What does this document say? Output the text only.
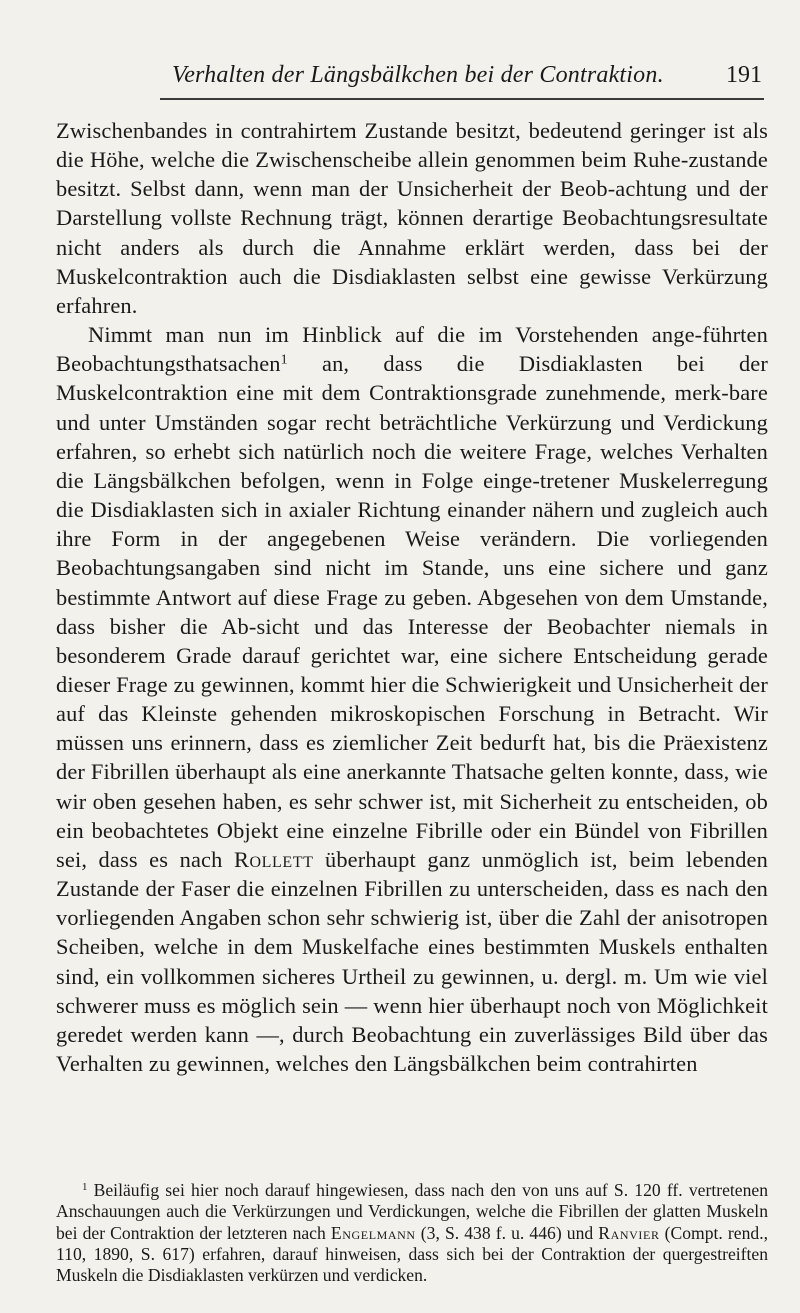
Verhalten der Längsbälkchen bei der Contraktion.	191

Zwischenbandes in contrahirtem Zustande besitzt, bedeutend geringer ist als die Höhe, welche die Zwischenscheibe allein genommen beim Ruhe-zustande besitzt. Selbst dann, wenn man der Unsicherheit der Beob-achtung und der Darstellung vollste Rechnung trägt, können derartige Beobachtungsresultate nicht anders als durch die Annahme erklärt werden, dass bei der Muskelcontraktion auch die Disdiaklasten selbst eine gewisse Verkürzung erfahren.

Nimmt man nun im Hinblick auf die im Vorstehenden ange-führten Beobachtungsthatsachen$^1$ an, dass die Disdiaklasten bei der Muskelcontraktion eine mit dem Contraktionsgrade zunehmende, merk-bare und unter Umständen sogar recht beträchtliche Verkürzung und Verdickung erfahren, so erhebt sich natürlich noch die weitere Frage, welches Verhalten die Längsbälkchen befolgen, wenn in Folge einge-tretener Muskelerregung die Disdiaklasten sich in axialer Richtung einander nähern und zugleich auch ihre Form in der angegebenen Weise verändern. Die vorliegenden Beobachtungsangaben sind nicht im Stande, uns eine sichere und ganz bestimmte Antwort auf diese Frage zu geben. Abgesehen von dem Umstande, dass bisher die Ab-sicht und das Interesse der Beobachter niemals in besonderem Grade darauf gerichtet war, eine sichere Entscheidung gerade dieser Frage zu gewinnen, kommt hier die Schwierigkeit und Unsicherheit der auf das Kleinste gehenden mikroskopischen Forschung in Betracht. Wir müssen uns erinnern, dass es ziemlicher Zeit bedurft hat, bis die Präexistenz der Fibrillen überhaupt als eine anerkannte Thatsache gelten konnte, dass, wie wir oben gesehen haben, es sehr schwer ist, mit Sicherheit zu entscheiden, ob ein beobachtetes Objekt eine einzelne Fibrille oder ein Bündel von Fibrillen sei, dass es nach Rollett überhaupt ganz unmöglich ist, beim lebenden Zustande der Faser die einzelnen Fibrillen zu unterscheiden, dass es nach den vorliegenden Angaben schon sehr schwierig ist, über die Zahl der anisotropen Scheiben, welche in dem Muskelfache eines bestimmten Muskels enthalten sind, ein vollkommen sicheres Urtheil zu gewinnen, u. dergl. m. Um wie viel schwerer muss es möglich sein — wenn hier überhaupt noch von Möglichkeit geredet werden kann —, durch Beobachtung ein zuverlässiges Bild über das Verhalten zu gewinnen, welches den Längsbälkchen beim contrahirten

$^1$ Beiläufig sei hier noch darauf hingewiesen, dass nach den von uns auf S. 120 ff. vertretenen Anschauungen auch die Verkürzungen und Verdickungen, welche die Fibrillen der glatten Muskeln bei der Contraktion der letzteren nach Engelmann (3, S. 438 f. u. 446) und Ranvier (Compt. rend., 110, 1890, S. 617) erfahren, darauf hinweisen, dass sich bei der Contraktion der quergestreiften Muskeln die Disdiaklasten verkürzen und verdicken.
